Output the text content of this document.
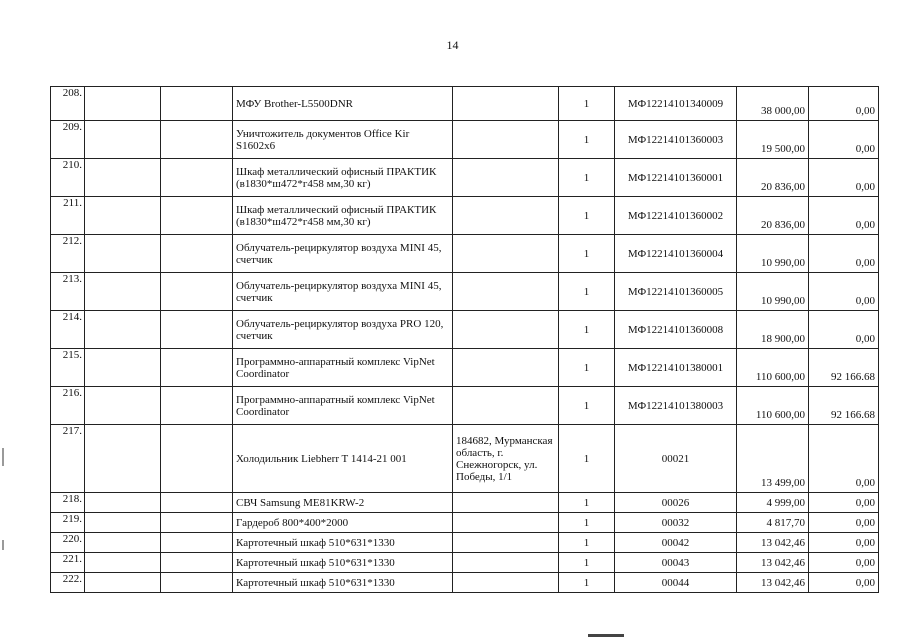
14
208.			МФУ Brother-L5500DNR		1	МФ12214101340009	38 000,00	0,00
209.			Уничтожитель документов Office Kir S1602x6		1	МФ12214101360003	19 500,00	0,00
210.			Шкаф металлический офисный ПРАКТИК (в1830*ш472*г458 мм,30 кг)		1	МФ12214101360001	20 836,00	0,00
211.			Шкаф металлический офисный ПРАКТИК (в1830*ш472*г458 мм,30 кг)		1	МФ12214101360002	20 836,00	0,00
212.			Облучатель-рециркулятор воздуха MINI 45, счетчик		1	МФ12214101360004	10 990,00	0,00
213.			Облучатель-рециркулятор воздуха MINI 45, счетчик		1	МФ12214101360005	10 990,00	0,00
214.			Облучатель-рециркулятор воздуха PRO 120, счетчик		1	МФ12214101360008	18 900,00	0,00
215.			Программно-аппаратный комплекс VipNet Coordinator		1	МФ12214101380001	110 600,00	92 166.68
216.			Программно-аппаратный комплекс VipNet Coordinator		1	МФ12214101380003	110 600,00	92 166.68
217.			Холодильник Liebherr T 1414-21 001	184682, Мурманская область, г. Снежногорск, ул. Победы, 1/1	1	00021	13 499,00	0,00
218.			СВЧ Samsung ME81KRW-2		1	00026	4 999,00	0,00
219.			Гардероб 800*400*2000		1	00032	4 817,70	0,00
220.			Картотечный шкаф 510*631*1330		1	00042	13 042,46	0,00
221.			Картотечный шкаф 510*631*1330		1	00043	13 042,46	0,00
222.			Картотечный шкаф 510*631*1330		1	00044	13 042,46	0,00
